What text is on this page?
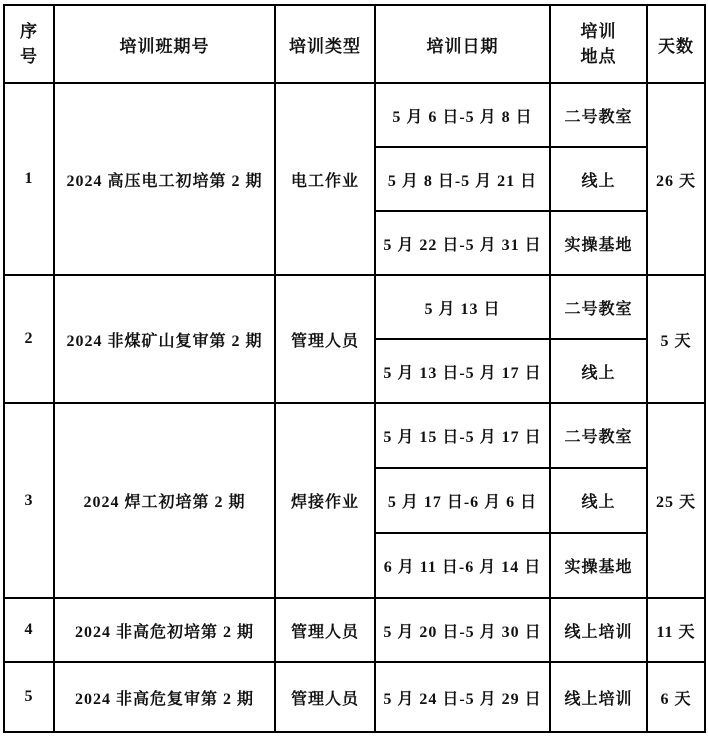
序号	培训班期号	培训类型	培训日期	培训地点	天数
1	2024 高压电工初培第 2 期	电工作业	5 月 6 日-5 月 8 日	二号教室	26 天
			5 月 8 日-5 月 21 日	线上	
			5 月 22 日-5 月 31 日	实操基地	
2	2024 非煤矿山复审第 2 期	管理人员	5 月 13 日	二号教室	5 天
			5 月 13 日-5 月 17 日	线上	
3	2024 焊工初培第 2 期	焊接作业	5 月 15 日-5 月 17 日	二号教室	25 天
			5 月 17 日-6 月 6 日	线上	
			6 月 11 日-6 月 14 日	实操基地	
4	2024 非高危初培第 2 期	管理人员	5 月 20 日-5 月 30 日	线上培训	11 天
5	2024 非高危复审第 2 期	管理人员	5 月 24 日-5 月 29 日	线上培训	6 天
